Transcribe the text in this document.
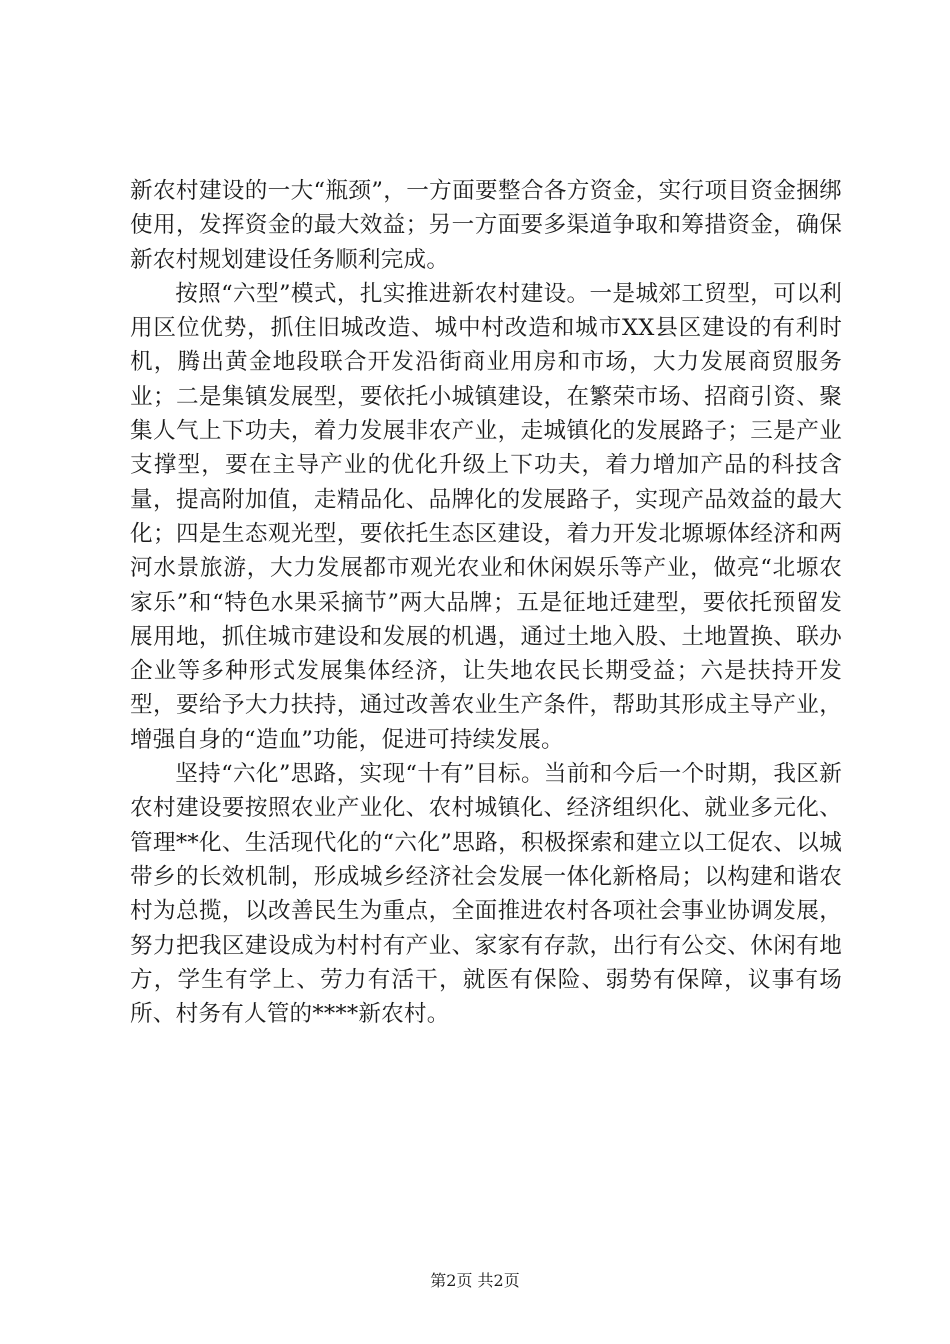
新农村建设的一大“瓶颈”，一方面要整合各方资金，实行项目资金捆绑使用，发挥资金的最大效益；另一方面要多渠道争取和筹措资金，确保新农村规划建设任务顺利完成。

按照“六型”模式，扎实推进新农村建设。一是城郊工贸型，可以利用区位优势，抓住旧城改造、城中村改造和城市XX县区建设的有利时机，腾出黄金地段联合开发沿街商业用房和市场，大力发展商贸服务业；二是集镇发展型，要依托小城镇建设，在繁荣市场、招商引资、聚集人气上下功夫，着力发展非农产业，走城镇化的发展路子；三是产业支撑型，要在主导产业的优化升级上下功夫，着力增加产品的科技含量，提高附加值，走精品化、品牌化的发展路子，实现产品效益的最大化；四是生态观光型，要依托生态区建设，着力开发北塬塬体经济和两河水景旅游，大力发展都市观光农业和休闲娱乐等产业，做亮“北塬农家乐”和“特色水果采摘节”两大品牌；五是征地迁建型，要依托预留发展用地，抓住城市建设和发展的机遇，通过土地入股、土地置换、联办企业等多种形式发展集体经济，让失地农民长期受益；六是扶持开发型，要给予大力扶持，通过改善农业生产条件，帮助其形成主导产业，增强自身的“造血”功能，促进可持续发展。

坚持“六化”思路，实现“十有”目标。当前和今后一个时期，我区新农村建设要按照农业产业化、农村城镇化、经济组织化、就业多元化、管理**化、生活现代化的“六化”思路，积极探索和建立以工促农、以城带乡的长效机制，形成城乡经济社会发展一体化新格局；以构建和谐农村为总揽，以改善民生为重点，全面推进农村各项社会事业协调发展，努力把我区建设成为村村有产业、家家有存款，出行有公交、休闲有地方，学生有学上、劳力有活干，就医有保险、弱势有保障，议事有场所、村务有人管的****新农村。

第2页 共2页
